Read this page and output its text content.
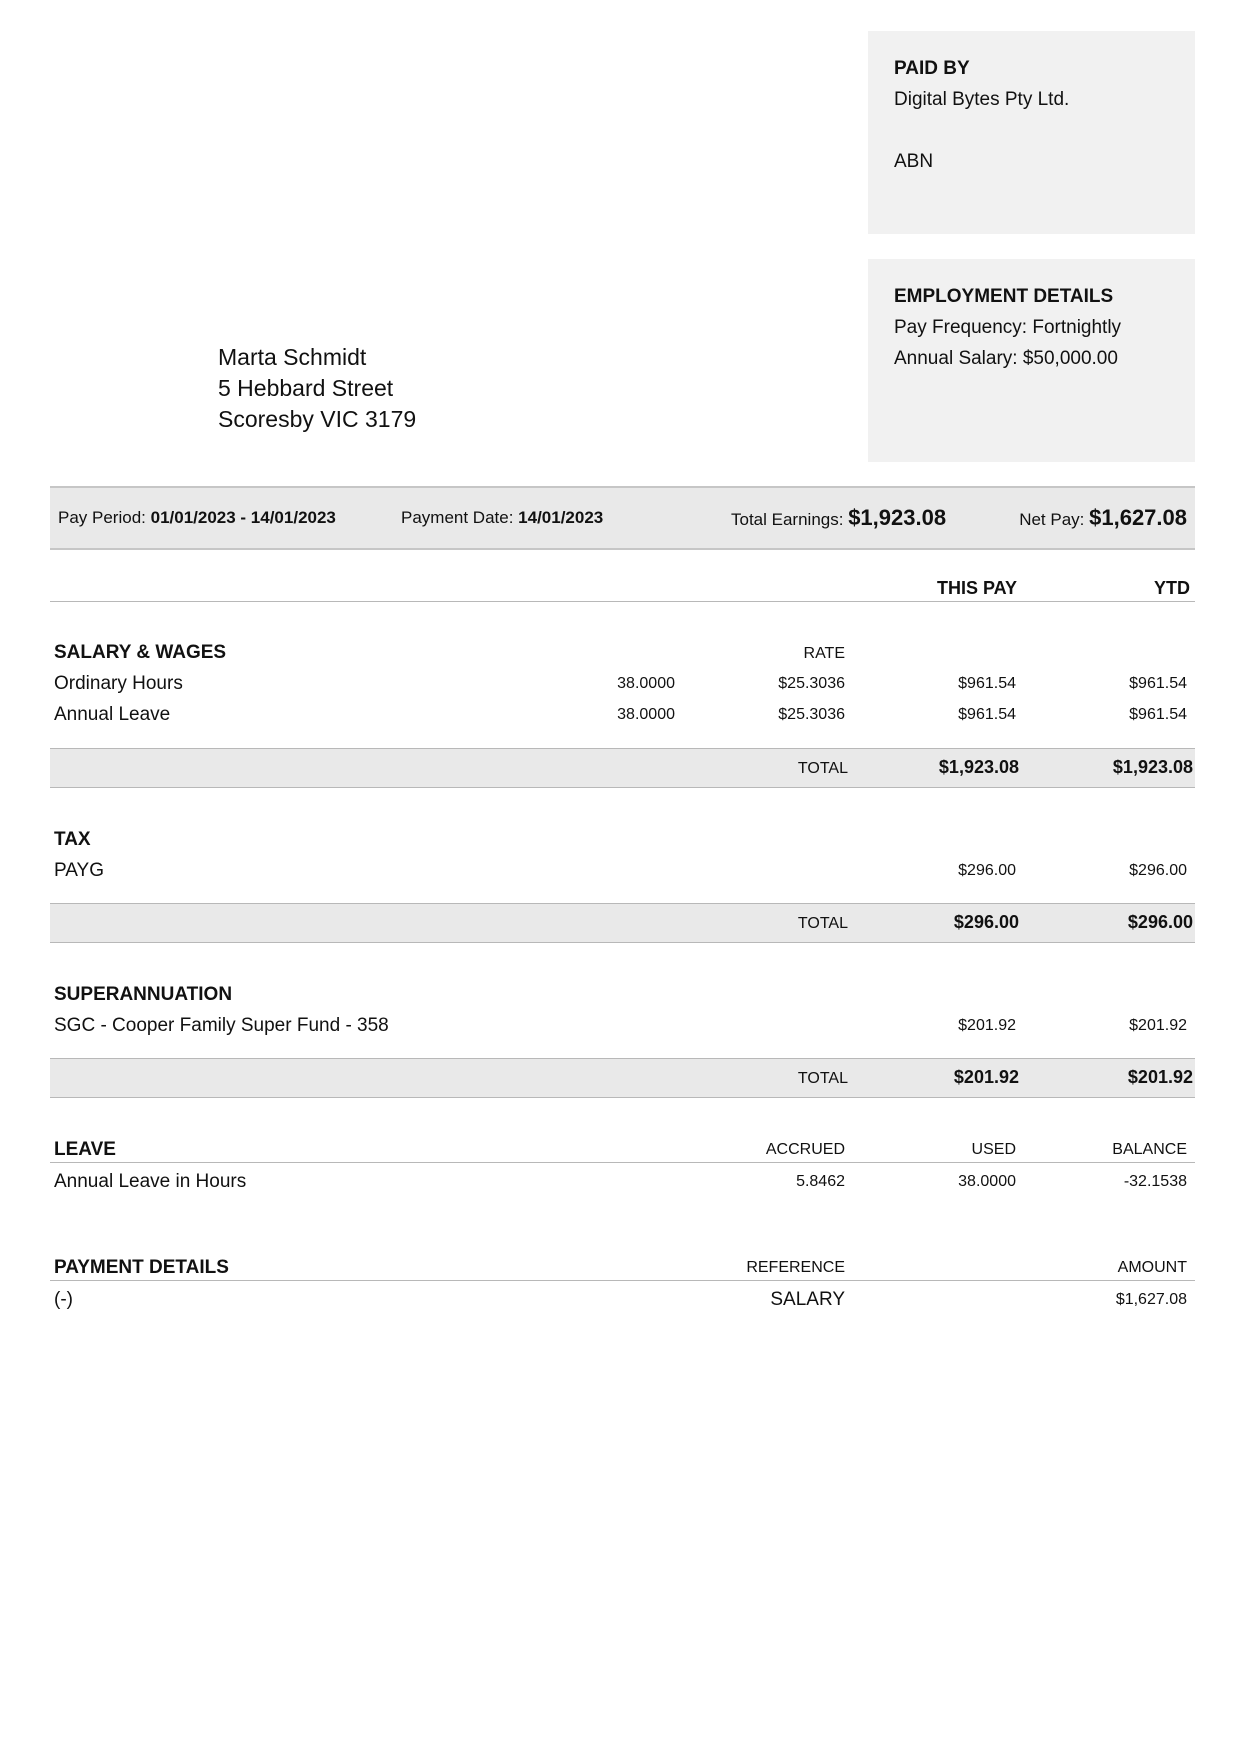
PAID BY
Digital Bytes Pty Ltd.
ABN
EMPLOYMENT DETAILS
Pay Frequency: Fortnightly
Annual Salary: $50,000.00
Marta Schmidt
5 Hebbard Street
Scoresby VIC 3179
Pay Period: 01/01/2023 - 14/01/2023	Payment Date: 14/01/2023	Total Earnings: $1,923.08	Net Pay: $1,627.08
THIS PAY	YTD
SALARY & WAGES	RATE
Ordinary Hours	38.0000	$25.3036	$961.54	$961.54
Annual Leave	38.0000	$25.3036	$961.54	$961.54
TOTAL	$1,923.08	$1,923.08
TAX
PAYG	$296.00	$296.00
TOTAL	$296.00	$296.00
SUPERANNUATION
SGC - Cooper Family Super Fund - 358	$201.92	$201.92
TOTAL	$201.92	$201.92
LEAVE	ACCRUED	USED	BALANCE
Annual Leave in Hours	5.8462	38.0000	-32.1538
PAYMENT DETAILS	REFERENCE	AMOUNT
(-)	SALARY	$1,627.08
